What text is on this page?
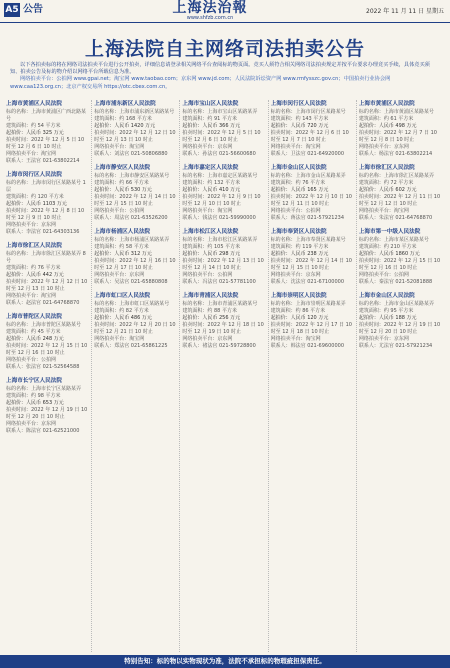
A5 公告	上海法治報
www.shfzb.com.cn
2022 年 11 月 11 日 星期五
上海法院自主网络司法拍卖公告
以下各拍卖标的将在网络司法拍卖平台进行公开拍卖，详细信息请登录相关网络平台查阅标的物页面。竞买人须符合相关网络司法拍卖规定并按平台要求办理竞买手续，具体竞买须知、拍卖公告及标的物介绍以网络平台所载信息为准。
网络拍卖平台：公拍网 www.gpai.net；淘宝网 www.taobao.com；京东网 www.jd.com；人民法院诉讼资产网 www.rmfysszc.gov.cn；中国拍卖行业协会网 www.caa123.org.cn；北京产权交易所 https://otc.cbex.com.cn。
上海市黄浦区人民法院
标的名称：上海市黄浦区广西北路某号
建筑面积：约 54 平方米
起拍价：人民币 325 万元
拍卖时间：2022 年 12 月 5 日 10 时至 12 月 6 日 10 时止
网络拍卖平台：淘宝网
联系人：王法官 021-63802214
上海市闵行区人民法院
标的名称：上海市闵行区某路某号 1 层
建筑面积：约 120 平方米
起拍价：人民币 1103 万元
拍卖时间：2022 年 12 月 8 日 10 时至 12 月 9 日 10 时止
网络拍卖平台：京东网
联系人：李法官 021-64303136
上海市徐汇区人民法院
标的名称：上海市徐汇区某路某弄 8 号
建筑面积：约 76 平方米
起拍价：人民币 442 万元
拍卖时间：2022 年 12 月 12 日 10 时至 12 月 13 日 10 时止
网络拍卖平台：淘宝网
联系人：赵法官 021-64768870
上海市普陀区人民法院
标的名称：上海市普陀区某路某号
建筑面积：约 45 平方米
起拍价：人民币 248 万元
拍卖时间：2022 年 12 月 15 日 10 时至 12 月 16 日 10 时止
网络拍卖平台：公拍网
联系人：张法官 021-52564588
上海市长宁区人民法院
标的名称：上海市长宁区某路某弄
建筑面积：约 98 平方米
起拍价：人民币 653 万元
拍卖时间：2022 年 12 月 19 日 10 时至 12 月 20 日 10 时止
网络拍卖平台：京东网
联系人：陈法官 021-62521000
上海市浦东新区人民法院
标的名称：上海市浦东新区某路某号
建筑面积：约 168 平方米
起拍价：人民币 1420 万元
拍卖时间：2022 年 12 月 12 日 10 时至 12 月 13 日 10 时止
网络拍卖平台：淘宝网
联系人：刘法官 021-50806880
上海市静安区人民法院
标的名称：上海市静安区某路某号
建筑面积：约 66 平方米
起拍价：人民币 530 万元
拍卖时间：2022 年 12 月 14 日 10 时至 12 月 15 日 10 时止
网络拍卖平台：公拍网
联系人：周法官 021-63526200
上海市杨浦区人民法院
标的名称：上海市杨浦区某路某弄
建筑面积：约 58 平方米
起拍价：人民币 312 万元
拍卖时间：2022 年 12 月 16 日 10 时至 12 月 17 日 10 时止
网络拍卖平台：京东网
联系人：吴法官 021-65880808
上海市虹口区人民法院
标的名称：上海市虹口区某路某号
建筑面积：约 82 平方米
起拍价：人民币 486 万元
拍卖时间：2022 年 12 月 20 日 10 时至 12 月 21 日 10 时止
网络拍卖平台：淘宝网
联系人：郑法官 021-65861225
上海市宝山区人民法院
标的名称：上海市宝山区某路某弄
建筑面积：约 91 平方米
起拍价：人民币 366 万元
拍卖时间：2022 年 12 月 5 日 10 时至 12 月 6 日 10 时止
网络拍卖平台：京东网
联系人：孙法官 021-56600680
上海市嘉定区人民法院
标的名称：上海市嘉定区某路某号
建筑面积：约 132 平方米
起拍价：人民币 410 万元
拍卖时间：2022 年 12 月 9 日 10 时至 12 月 10 日 10 时止
网络拍卖平台：淘宝网
联系人：钱法官 021-59990000
上海市松江区人民法院
标的名称：上海市松江区某路某弄
建筑面积：约 105 平方米
起拍价：人民币 298 万元
拍卖时间：2022 年 12 月 13 日 10 时至 12 月 14 日 10 时止
网络拍卖平台：公拍网
联系人：冯法官 021-57781100
上海市青浦区人民法院
标的名称：上海市青浦区某路某号
建筑面积：约 88 平方米
起拍价：人民币 256 万元
拍卖时间：2022 年 12 月 18 日 10 时至 12 月 19 日 10 时止
网络拍卖平台：京东网
联系人：褚法官 021-59728800
上海市闵行区人民法院
标的名称：上海市闵行区某路某号
建筑面积：约 143 平方米
起拍价：人民币 720 万元
拍卖时间：2022 年 12 月 6 日 10 时至 12 月 7 日 10 时止
网络拍卖平台：淘宝网
联系人：卫法官 021-64920000
上海市金山区人民法院
标的名称：上海市金山区某路某弄
建筑面积：约 76 平方米
起拍价：人民币 165 万元
拍卖时间：2022 年 12 月 10 日 10 时至 12 月 11 日 10 时止
网络拍卖平台：公拍网
联系人：蒋法官 021-57921234
上海市奉贤区人民法院
标的名称：上海市奉贤区某路某号
建筑面积：约 119 平方米
起拍价：人民币 238 万元
拍卖时间：2022 年 12 月 14 日 10 时至 12 月 15 日 10 时止
网络拍卖平台：京东网
联系人：沈法官 021-67100000
上海市崇明区人民法院
标的名称：上海市崇明区某路某弄
建筑面积：约 86 平方米
起拍价：人民币 120 万元
拍卖时间：2022 年 12 月 17 日 10 时至 12 月 18 日 10 时止
网络拍卖平台：淘宝网
联系人：韩法官 021-69600000
上海市黄浦区人民法院
标的名称：上海市黄浦区某路某号
建筑面积：约 61 平方米
起拍价：人民币 498 万元
拍卖时间：2022 年 12 月 7 日 10 时至 12 月 8 日 10 时止
网络拍卖平台：京东网
联系人：杨法官 021-63802214
上海市徐汇区人民法院
标的名称：上海市徐汇区某路某弄
建筑面积：约 72 平方米
起拍价：人民币 602 万元
拍卖时间：2022 年 12 月 11 日 10 时至 12 月 12 日 10 时止
网络拍卖平台：淘宝网
联系人：朱法官 021-64768870
上海市第一中级人民法院
标的名称：上海市某区某路某号
建筑面积：约 210 平方米
起拍价：人民币 1860 万元
拍卖时间：2022 年 12 月 15 日 10 时至 12 月 16 日 10 时止
网络拍卖平台：公拍网
联系人：秦法官 021-52081888
上海市金山区人民法院
标的名称：上海市金山区某路某弄
建筑面积：约 95 平方米
起拍价：人民币 188 万元
拍卖时间：2022 年 12 月 19 日 10 时至 12 月 20 日 10 时止
网络拍卖平台：京东网
联系人：尤法官 021-57921234
特别告知：标的物以实物现状为准，法院不承担标的物瑕疵担保责任。
